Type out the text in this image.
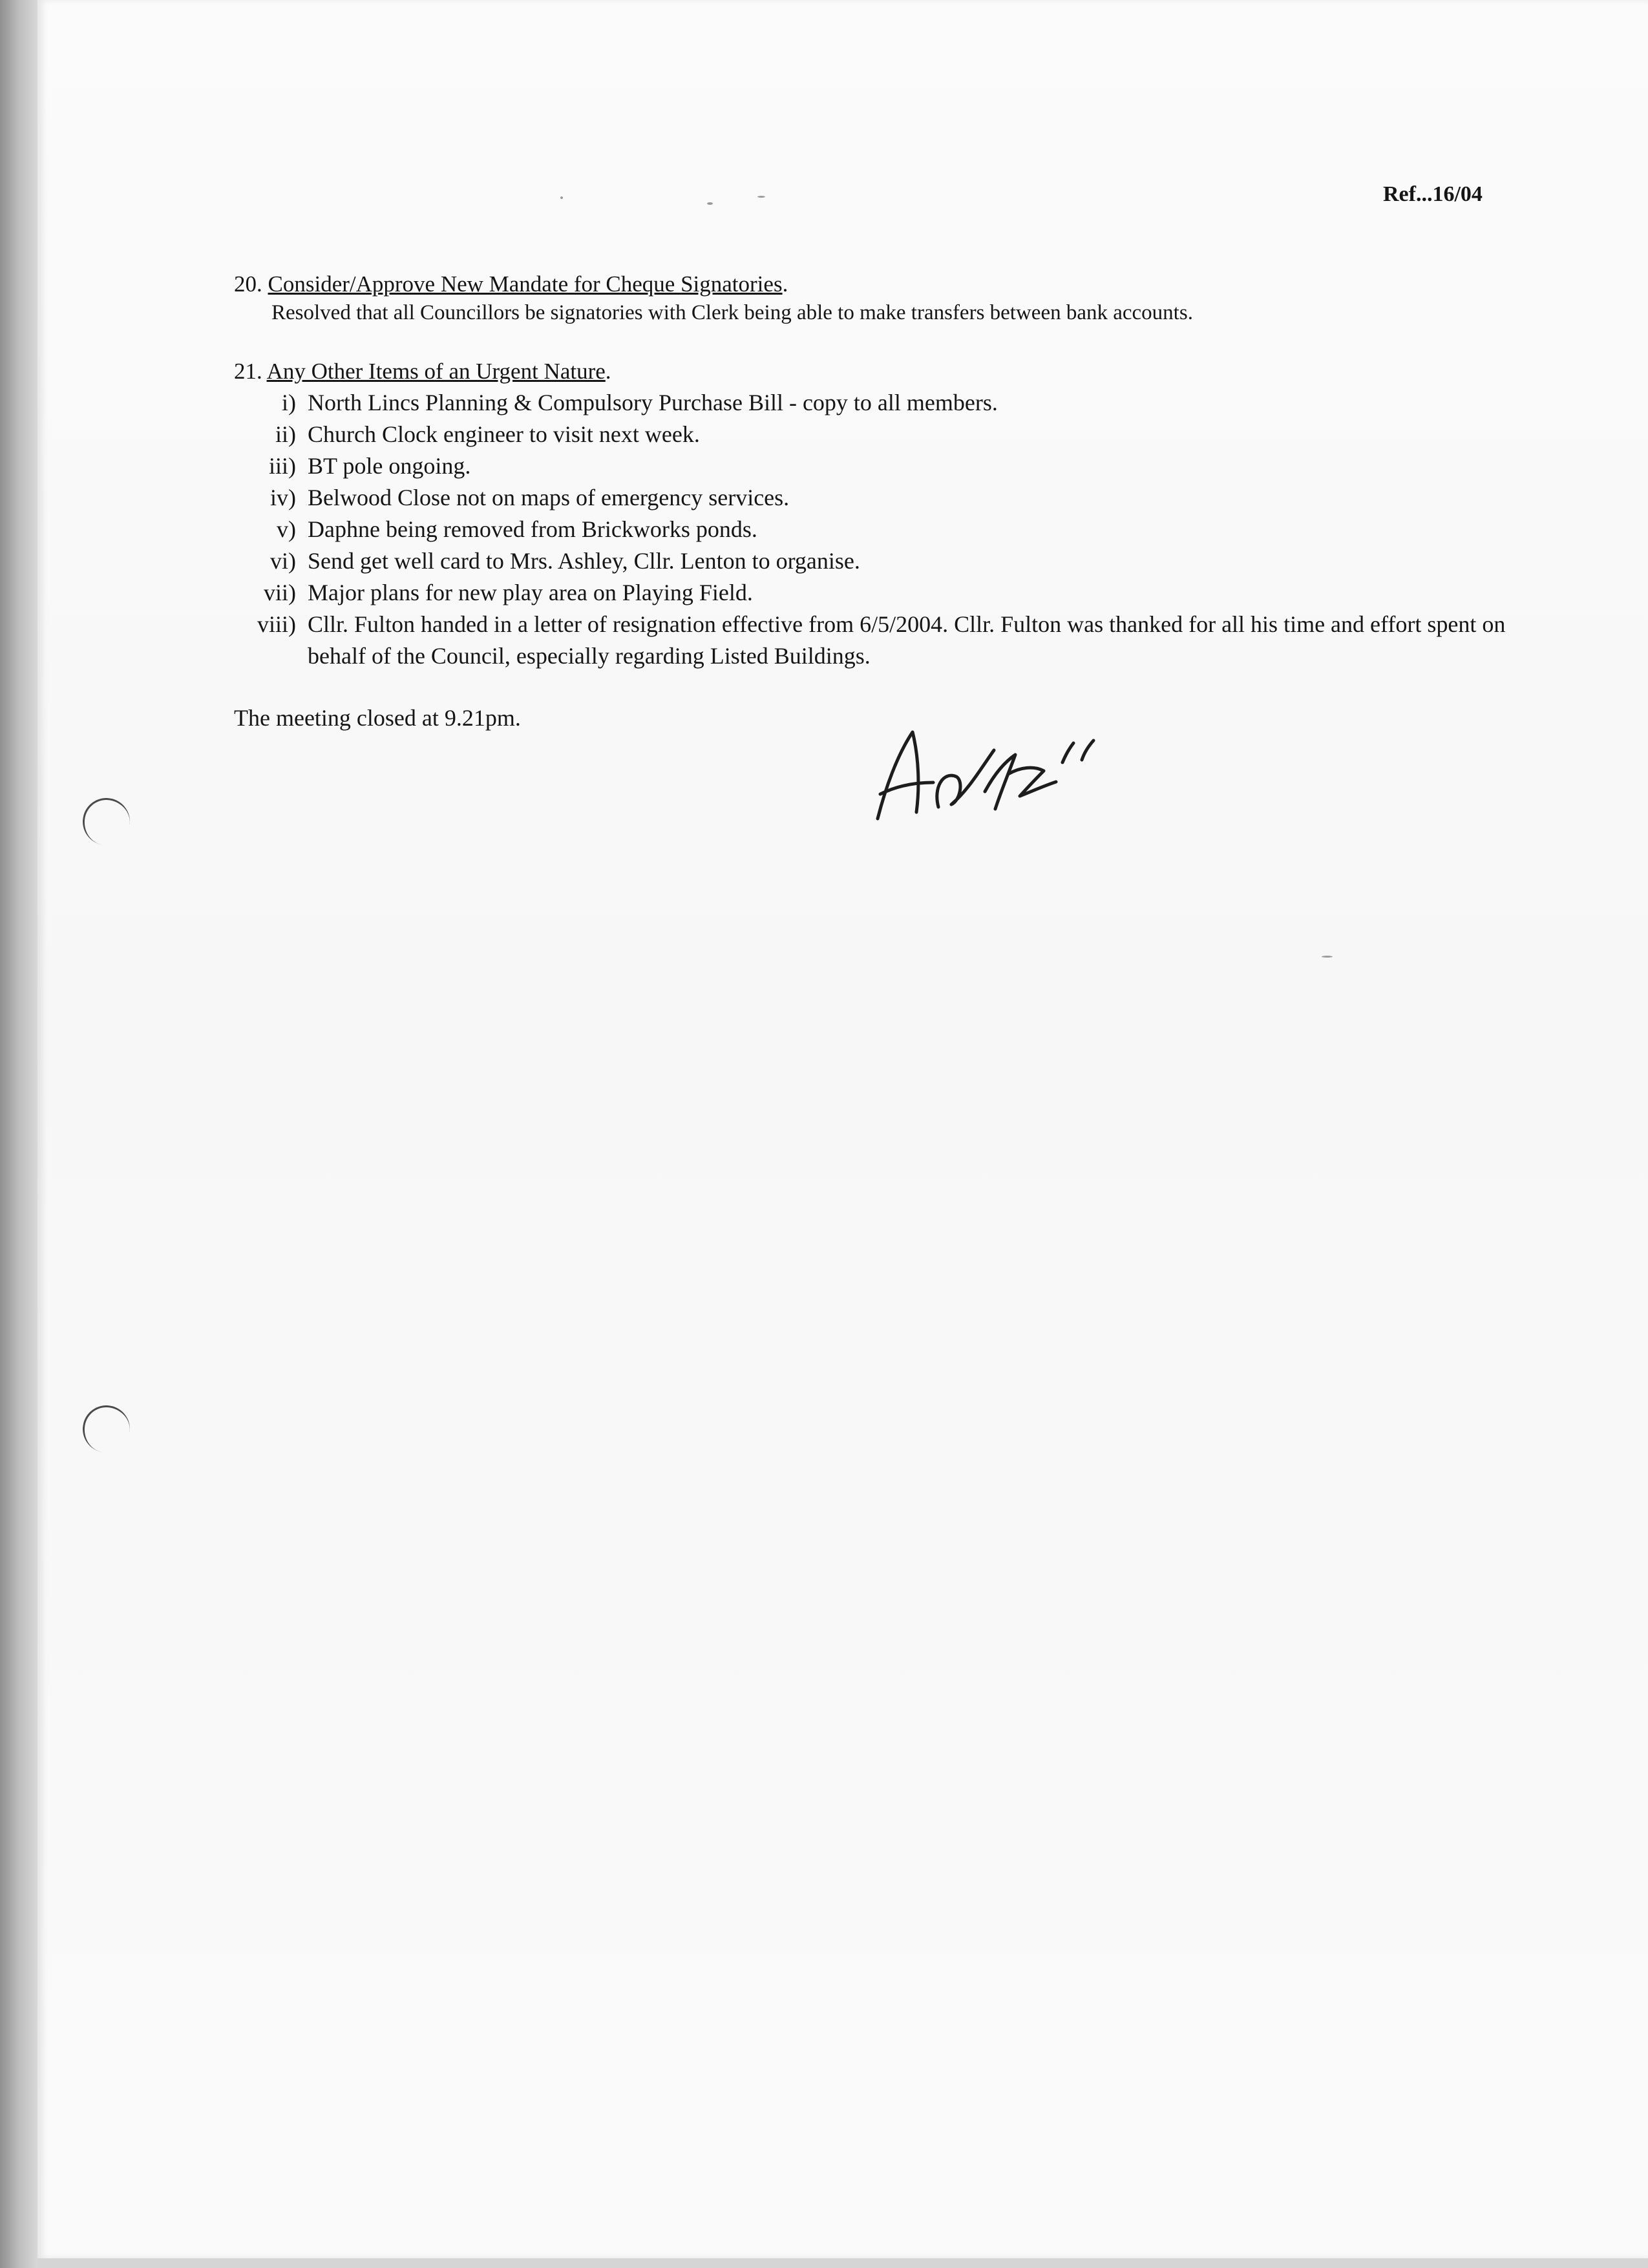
Ref...16/04
20. Consider/Approve New Mandate for Cheque Signatories.
Resolved that all Councillors be signatories with Clerk being able to make transfers between bank accounts.
21. Any Other Items of an Urgent Nature.
i) North Lincs Planning & Compulsory Purchase Bill - copy to all members.
ii) Church Clock engineer to visit next week.
iii) BT pole ongoing.
iv) Belwood Close not on maps of emergency services.
v) Daphne being removed from Brickworks ponds.
vi) Send get well card to Mrs. Ashley, Cllr. Lenton to organise.
vii) Major plans for new play area on Playing Field.
viii) Cllr. Fulton handed in a letter of resignation effective from 6/5/2004. Cllr. Fulton was thanked for all his time and effort spent on behalf of the Council, especially regarding Listed Buildings.
The meeting closed at 9.21pm.
